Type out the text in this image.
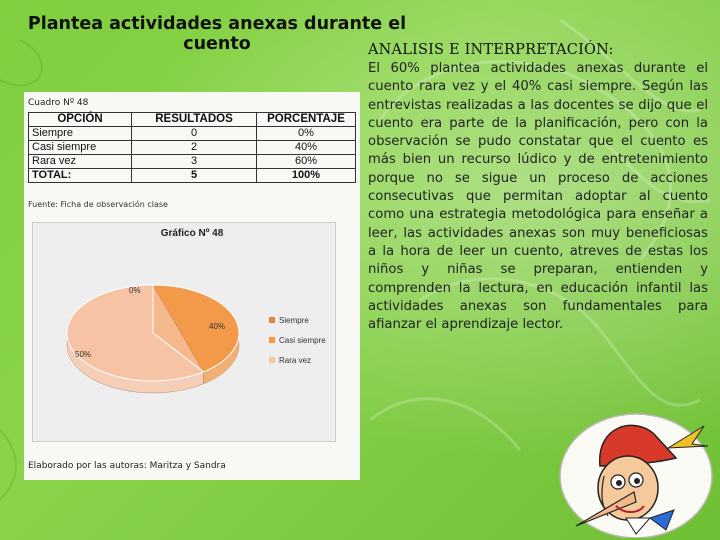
Plantea actividades anexas durante el cuento	ANALISIS E INTERPRETACIÓN:
El 60% plantea actividades anexas durante el cuento rara vez y el 40% casi siempre. Según las entrevistas realizadas a las docentes se dijo que el cuento era parte de la planificación, pero con la observación se pudo constatar que el cuento es más bien un recurso lúdico y de entretenimiento porque no se sigue un proceso de acciones consecutivas que permitan adoptar al cuento como una estrategia metodológica para enseñar a leer, las actividades anexas son muy beneficiosas a la hora de leer un cuento, atreves de estas los niños y niñas se preparan, entienden y comprenden la lectura, en educación infantil las actividades anexas son fundamentales para afianzar el aprendizaje lector.
Cuadro Nº 48
OPCIÓN	RESULTADOS	PORCENTAJE
Siempre	0	0%
Casi siempre	2	40%
Rara vez	3	60%
TOTAL:	5	100%
Fuente: Ficha de observación clase
Gráfico Nº 48
0%
40%
50%
Siempre
Casi siempre
Rara vez
Elaborado por las autoras: Maritza y Sandra
